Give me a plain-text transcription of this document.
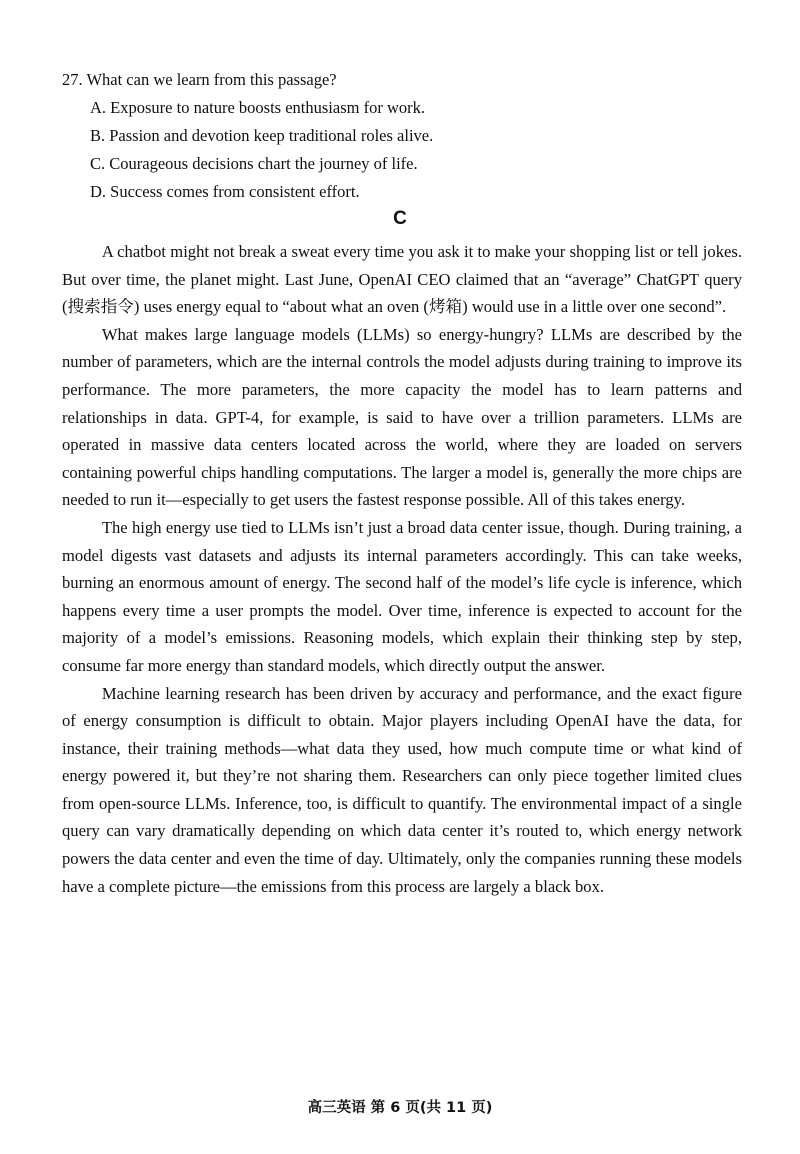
27. What can we learn from this passage?

A. Exposure to nature boosts enthusiasm for work.
B. Passion and devotion keep traditional roles alive.
C. Courageous decisions chart the journey of life.
D. Success comes from consistent effort.
C

A chatbot might not break a sweat every time you ask it to make your shopping list or tell jokes. But over time, the planet might. Last June, OpenAI CEO claimed that an “average” ChatGPT query (搜索指令) uses energy equal to “about what an oven (烤箱) would use in a little over one second”.

What makes large language models (LLMs) so energy-hungry? LLMs are described by the number of parameters, which are the internal controls the model adjusts during training to improve its performance. The more parameters, the more capacity the model has to learn patterns and relationships in data. GPT-4, for example, is said to have over a trillion parameters. LLMs are operated in massive data centers located across the world, where they are loaded on servers containing powerful chips handling computations. The larger a model is, generally the more chips are needed to run it—especially to get users the fastest response possible. All of this takes energy.

The high energy use tied to LLMs isn’t just a broad data center issue, though. During training, a model digests vast datasets and adjusts its internal parameters accordingly. This can take weeks, burning an enormous amount of energy. The second half of the model’s life cycle is inference, which happens every time a user prompts the model. Over time, inference is expected to account for the majority of a model’s emissions. Reasoning models, which explain their thinking step by step, consume far more energy than standard models, which directly output the answer.

Machine learning research has been driven by accuracy and performance, and the exact figure of energy consumption is difficult to obtain. Major players including OpenAI have the data, for instance, their training methods—what data they used, how much compute time or what kind of energy powered it, but they’re not sharing them. Researchers can only piece together limited clues from open-source LLMs. Inference, too, is difficult to quantify. The environmental impact of a single query can vary dramatically depending on which data center it’s routed to, which energy network powers the data center and even the time of day. Ultimately, only the companies running these models have a complete picture—the emissions from this process are largely a black box.

高三英语 第 6 页(共 11 页)
